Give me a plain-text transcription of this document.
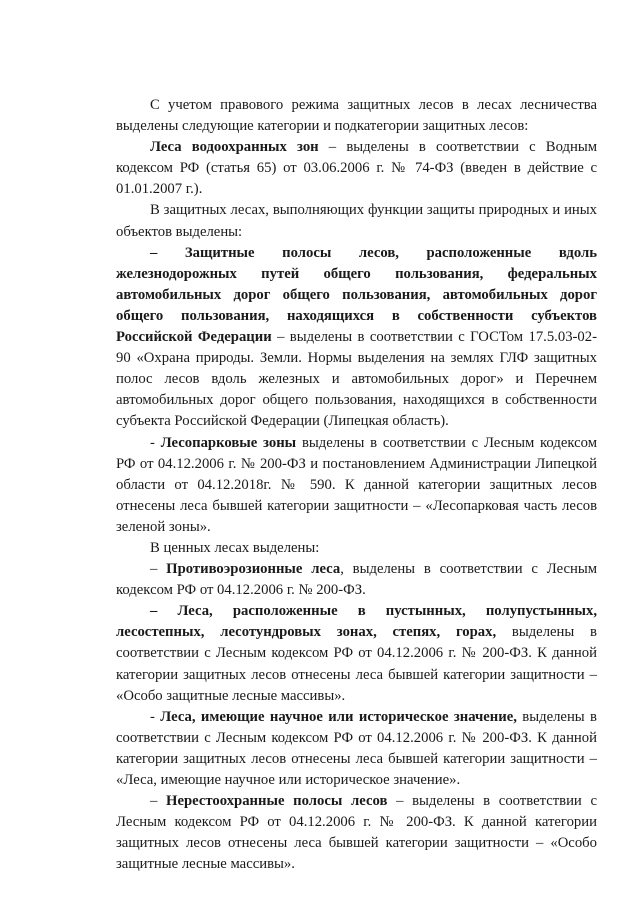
С учетом правового режима защитных лесов в лесах лесничества выделены следующие категории и подкатегории защитных лесов:

Леса водоохранных зон – выделены в соответствии с Водным кодексом РФ (статья 65) от 03.06.2006 г. № 74-ФЗ (введен в действие с 01.01.2007 г.).

В защитных лесах, выполняющих функции защиты природных и иных объектов выделены:

– Защитные полосы лесов, расположенные вдоль железнодорожных путей общего пользования, федеральных автомобильных дорог общего пользования, автомобильных дорог общего пользования, находящихся в собственности субъектов Российской Федерации – выделены в соответствии с ГОСТом 17.5.03-02-90 «Охрана природы. Земли. Нормы выделения на землях ГЛФ защитных полос лесов вдоль железных и автомобильных дорог» и Перечнем автомобильных дорог общего пользования, находящихся в собственности субъекта Российской Федерации (Липецкая область).

- Лесопарковые зоны выделены в соответствии с Лесным кодексом РФ от 04.12.2006 г. № 200-ФЗ и постановлением Администрации Липецкой области от 04.12.2018г. № 590. К данной категории защитных лесов отнесены леса бывшей категории защитности – «Лесопарковая часть лесов зеленой зоны».

В ценных лесах выделены:

– Противоэрозионные леса, выделены в соответствии с Лесным кодексом РФ от 04.12.2006 г. № 200-ФЗ.

– Леса, расположенные в пустынных, полупустынных, лесостепных, лесотундровых зонах, степях, горах, выделены в соответствии с Лесным кодексом РФ от 04.12.2006 г. № 200-ФЗ. К данной категории защитных лесов отнесены леса бывшей категории защитности – «Особо защитные лесные массивы».

- Леса, имеющие научное или историческое значение, выделены в соответствии с Лесным кодексом РФ от 04.12.2006 г. № 200-ФЗ. К данной категории защитных лесов отнесены леса бывшей категории защитности – «Леса, имеющие научное или историческое значение».

– Нерестоохранные полосы лесов – выделены в соответствии с Лесным кодексом РФ от 04.12.2006 г. № 200-ФЗ. К данной категории защитных лесов отнесены леса бывшей категории защитности – «Особо защитные лесные массивы».
